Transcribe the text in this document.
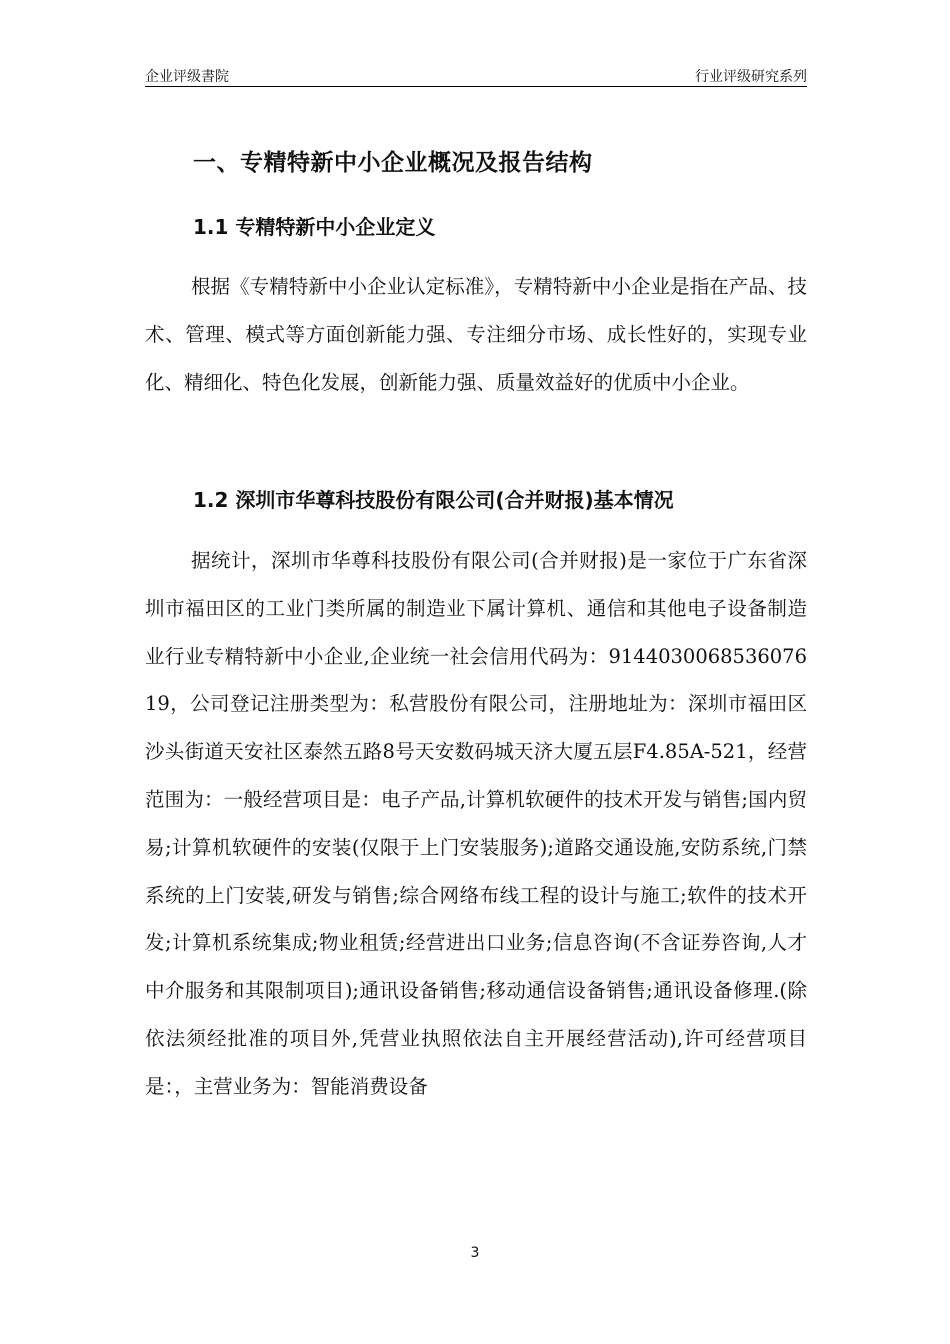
企业评级書院	行业评级研究系列
一、专精特新中小企业概况及报告结构
1.1 专精特新中小企业定义

根据《专精特新中小企业认定标准》，专精特新中小企业是指在产品、技术、管理、模式等方面创新能力强、专注细分市场、成长性好的，实现专业化、精细化、特色化发展，创新能力强、质量效益好的优质中小企业。

1.2 深圳市华尊科技股份有限公司(合并财报)基本情况

据统计，深圳市华尊科技股份有限公司(合并财报)是一家位于广东省深圳市福田区的工业门类所属的制造业下属计算机、通信和其他电子设备制造业行业专精特新中小企业,企业统一社会信用代码为：914403006853607619，公司登记注册类型为：私营股份有限公司，注册地址为：深圳市福田区沙头街道天安社区泰然五路8号天安数码城天济大厦五层F4.85A-521，经营范围为：一般经营项目是：电子产品,计算机软硬件的技术开发与销售;国内贸易;计算机软硬件的安装(仅限于上门安装服务);道路交通设施,安防系统,门禁系统的上门安装,研发与销售;综合网络布线工程的设计与施工;软件的技术开发;计算机系统集成;物业租赁;经营进出口业务;信息咨询(不含证券咨询,人才中介服务和其限制项目);通讯设备销售;移动通信设备销售;通讯设备修理.(除依法须经批准的项目外,凭营业执照依法自主开展经营活动),许可经营项目是：，主营业务为：智能消费设备

3
